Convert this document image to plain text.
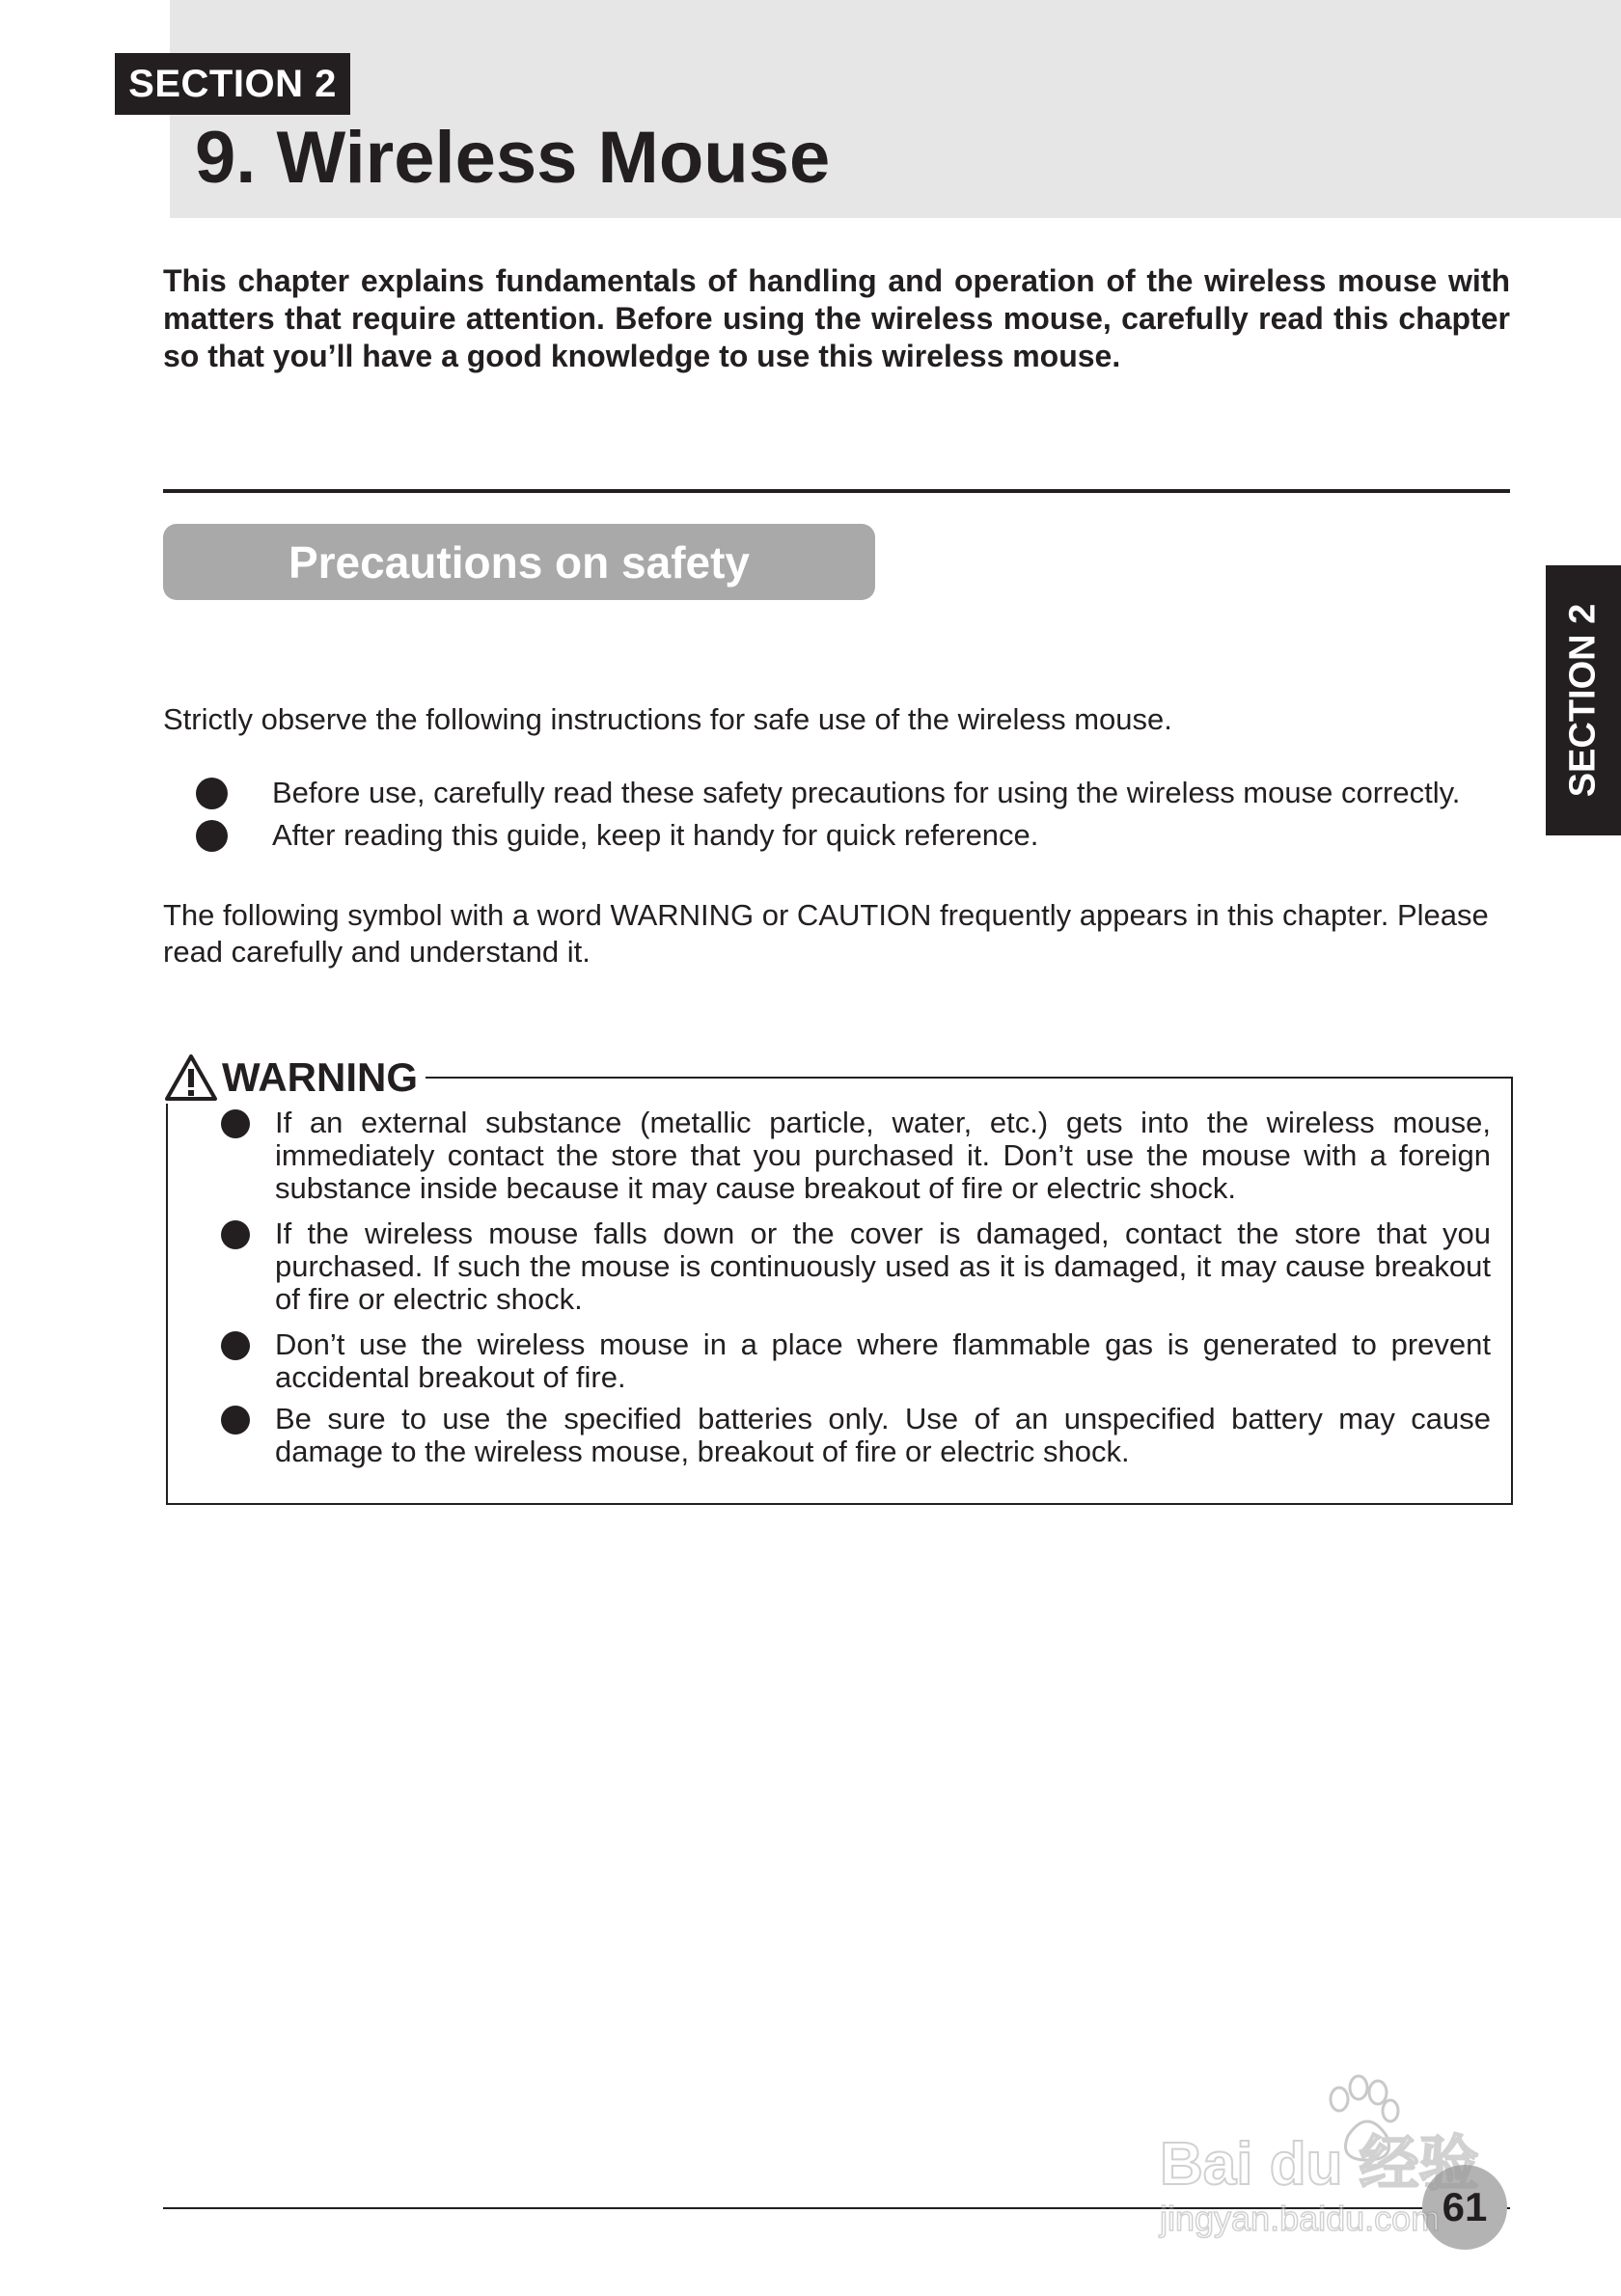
SECTION 2
9. Wireless Mouse

This chapter explains fundamentals of handling and operation of the wireless mouse with matters that require attention. Before using the wireless mouse, carefully read this chapter so that you’ll have a good knowledge to use this wireless mouse.

Precautions on safety
SECTION 2

Strictly observe the following instructions for safe use of the wireless mouse.

Before use, carefully read these safety precautions for using the wireless mouse correctly.

After reading this guide, keep it handy for quick reference.

The following symbol with a word WARNING or CAUTION frequently appears in this chapter. Please read carefully and understand it.

WARNING

If an external substance (metallic particle, water, etc.) gets into the wireless mouse, immediately contact the store that you purchased it. Don’t use the mouse with a foreign substance inside because it may cause breakout of fire or electric shock.

If the wireless mouse falls down or the cover is damaged, contact the store that you purchased. If such the mouse is continuously used as it is damaged, it may cause breakout of fire or electric shock.

Don’t use the wireless mouse in a place where flammable gas is generated to prevent accidental breakout of fire.

Be sure to use the specified batteries only. Use of an unspecified battery may cause damage to the wireless mouse, breakout of fire or electric shock.

61
Bai du 经验
jingyan.baidu.com
